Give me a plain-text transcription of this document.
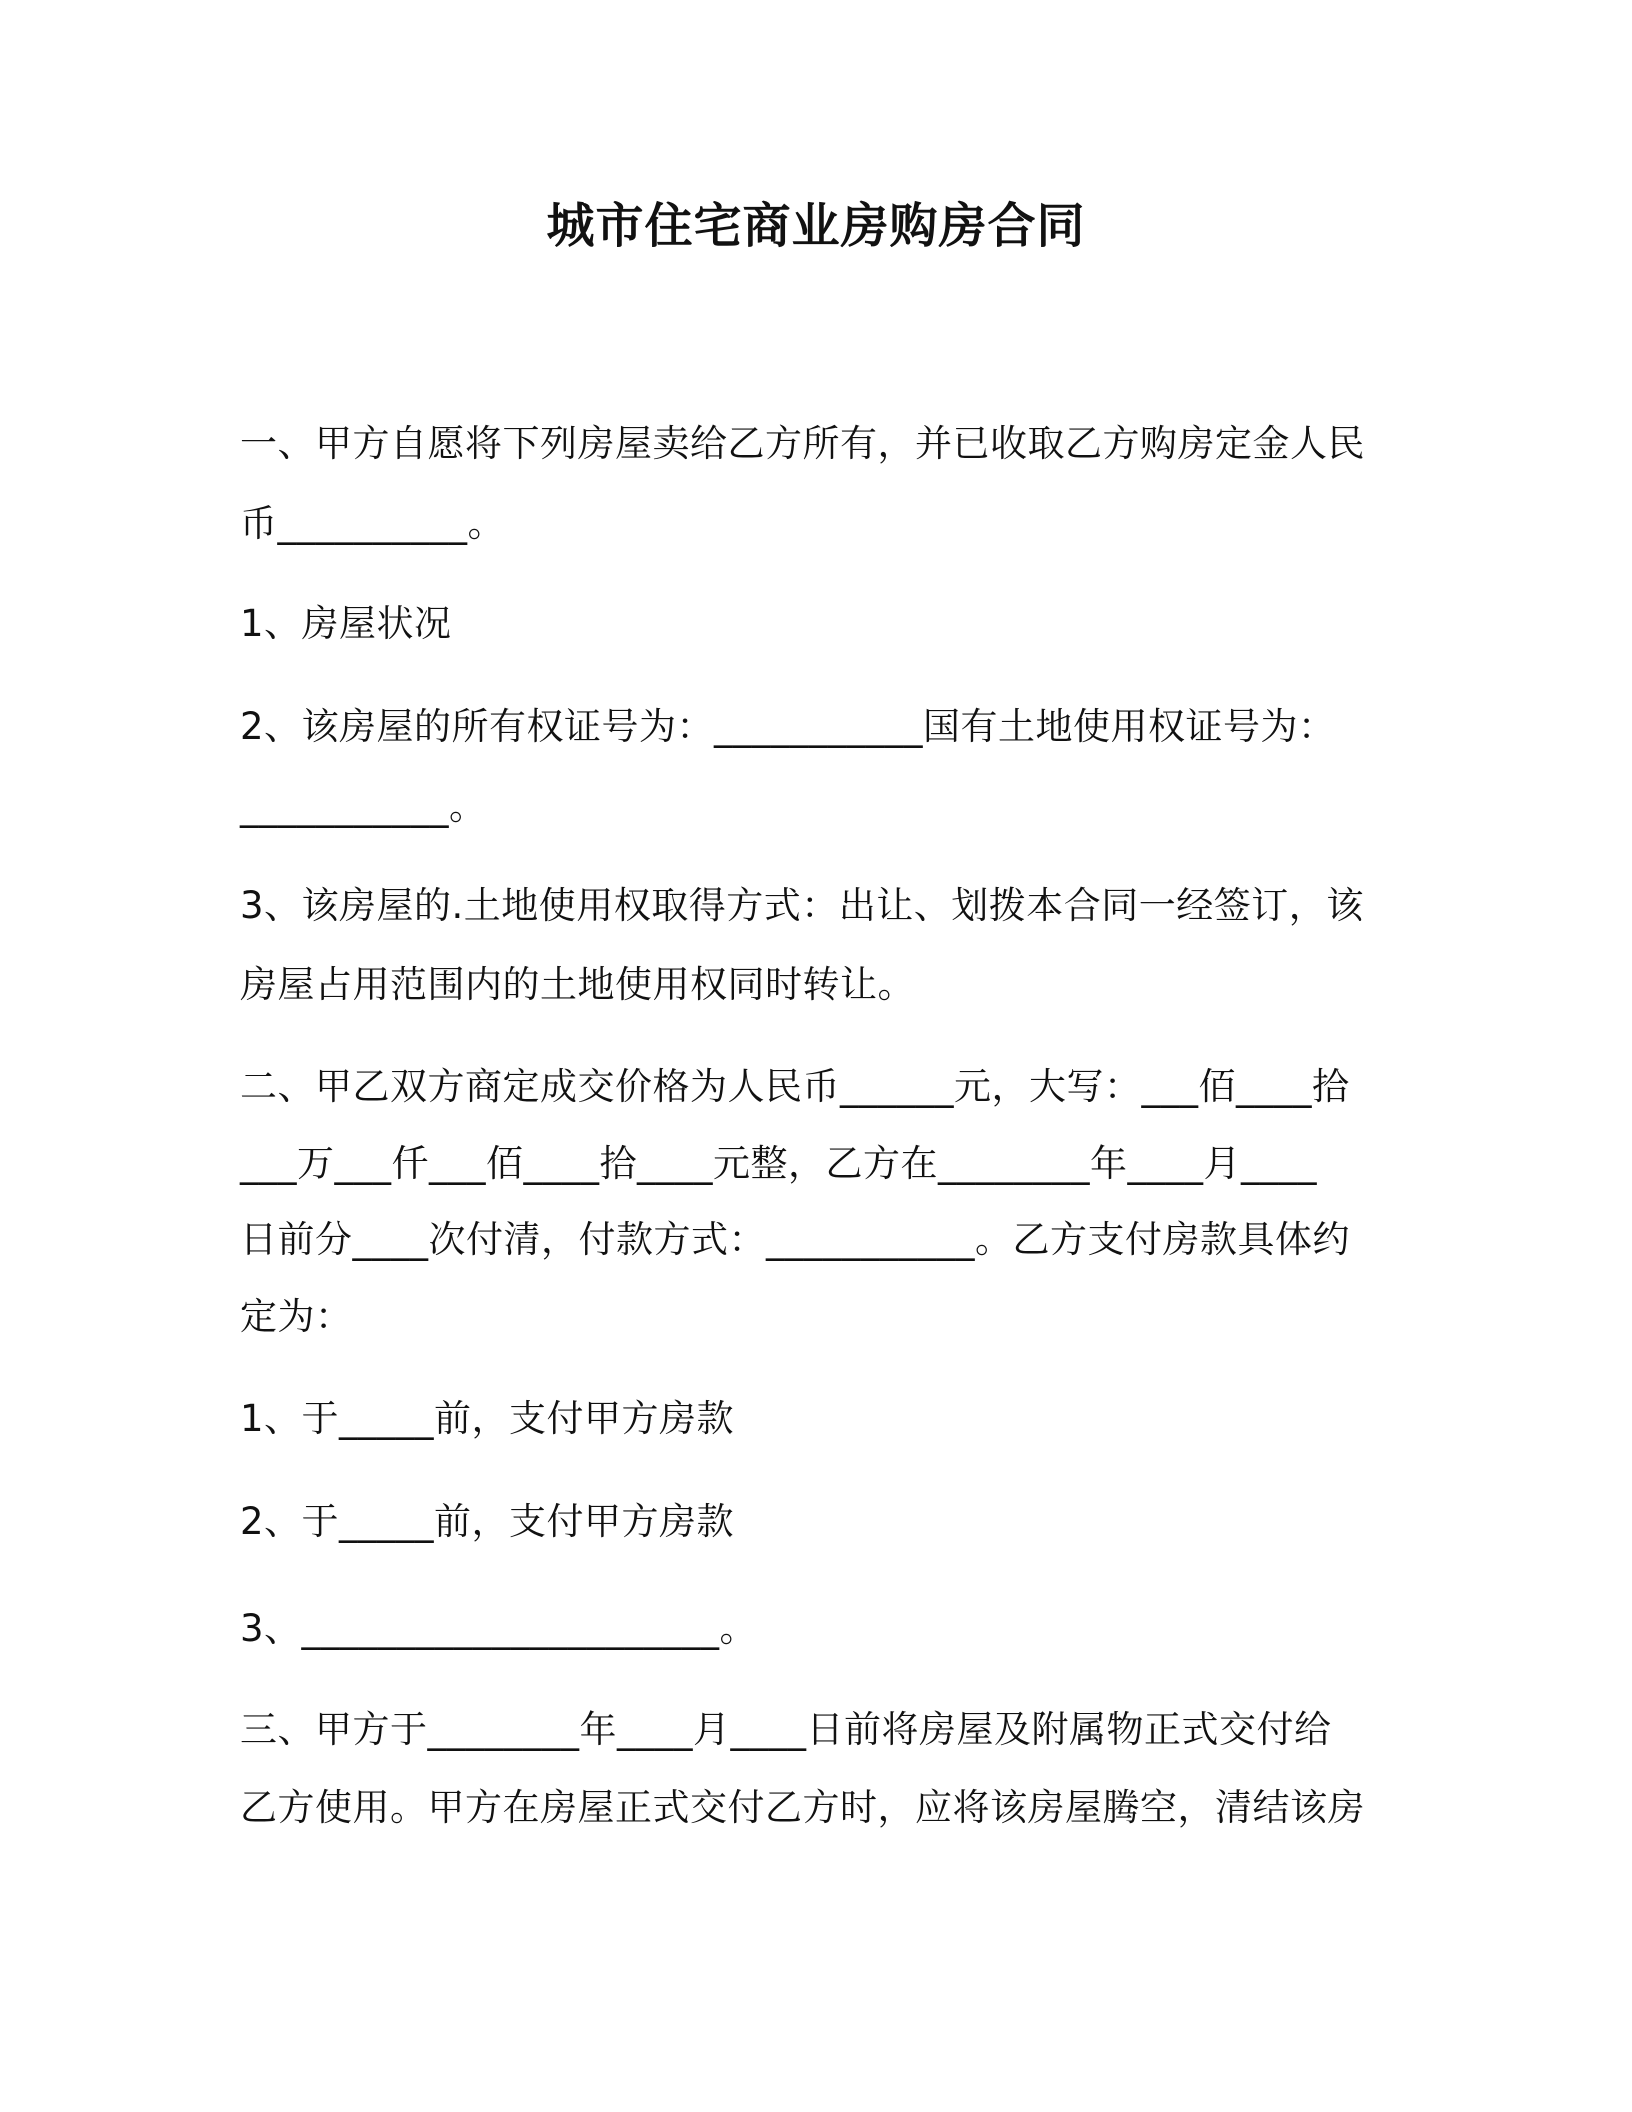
城市住宅商业房购房合同
一、甲方自愿将下列房屋卖给乙方所有，并已收取乙方购房定金人民
币__________。
1、房屋状况
2、该房屋的所有权证号为：___________国有土地使用权证号为：
___________。
3、该房屋的.土地使用权取得方式：出让、划拨本合同一经签订，该
房屋占用范围内的土地使用权同时转让。
二、甲乙双方商定成交价格为人民币______元，大写：___佰____拾
___万___仟___佰____拾____元整，乙方在________年____月____
日前分____次付清，付款方式：___________。乙方支付房款具体约
定为：
1、于_____前，支付甲方房款
2、于_____前，支付甲方房款
3、______________________。
三、甲方于________年____月____日前将房屋及附属物正式交付给
乙方使用。甲方在房屋正式交付乙方时，应将该房屋腾空，清结该房
